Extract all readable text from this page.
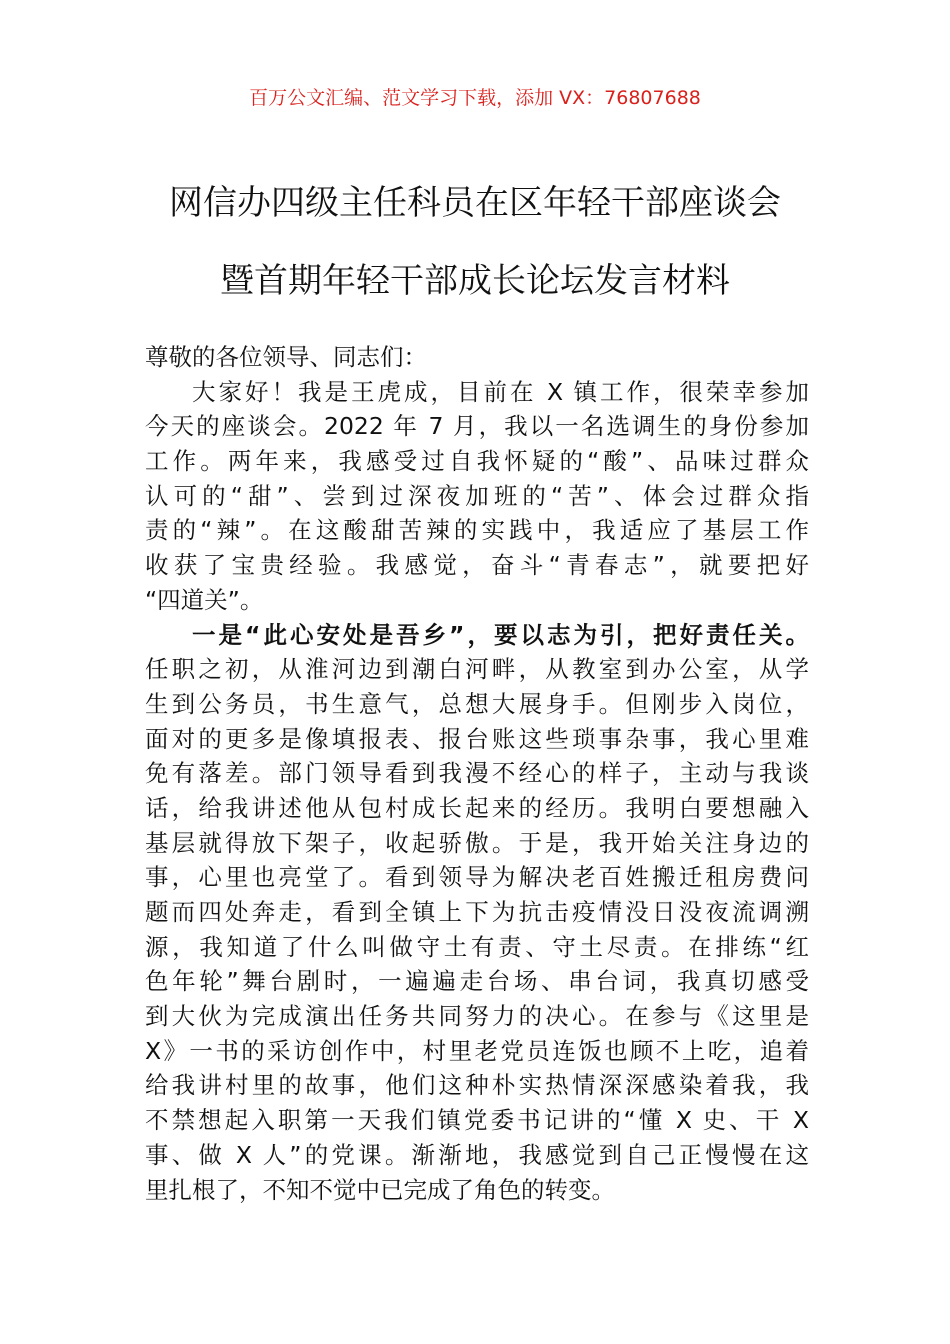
百万公文汇编、范文学习下载，添加 VX：76807688
网信办四级主任科员在区年轻干部座谈会
暨首期年轻干部成长论坛发言材料
尊敬的各位领导、同志们：
大家好！我是王虎成，目前在 X 镇工作，很荣幸参加
今天的座谈会。2022 年 7 月，我以一名选调生的身份参加
工作。两年来，我感受过自我怀疑的“酸”、品味过群众
认可的“甜”、尝到过深夜加班的“苦”、体会过群众指
责的“辣”。在这酸甜苦辣的实践中，我适应了基层工作
收获了宝贵经验。我感觉，奋斗“青春志”，就要把好
“四道关”。
一是“此心安处是吾乡”，要以志为引，把好责任关。
任职之初，从淮河边到潮白河畔，从教室到办公室，从学
生到公务员，书生意气，总想大展身手。但刚步入岗位，
面对的更多是像填报表、报台账这些琐事杂事，我心里难
免有落差。部门领导看到我漫不经心的样子，主动与我谈
话，给我讲述他从包村成长起来的经历。我明白要想融入
基层就得放下架子，收起骄傲。于是，我开始关注身边的
事，心里也亮堂了。看到领导为解决老百姓搬迁租房费问
题而四处奔走，看到全镇上下为抗击疫情没日没夜流调溯
源，我知道了什么叫做守土有责、守土尽责。在排练“红
色年轮”舞台剧时，一遍遍走台场、串台词，我真切感受
到大伙为完成演出任务共同努力的决心。在参与《这里是
X》一书的采访创作中，村里老党员连饭也顾不上吃，追着
给我讲村里的故事，他们这种朴实热情深深感染着我，我
不禁想起入职第一天我们镇党委书记讲的“懂 X 史、干 X
事、做 X 人”的党课。渐渐地，我感觉到自己正慢慢在这
里扎根了，不知不觉中已完成了角色的转变。
